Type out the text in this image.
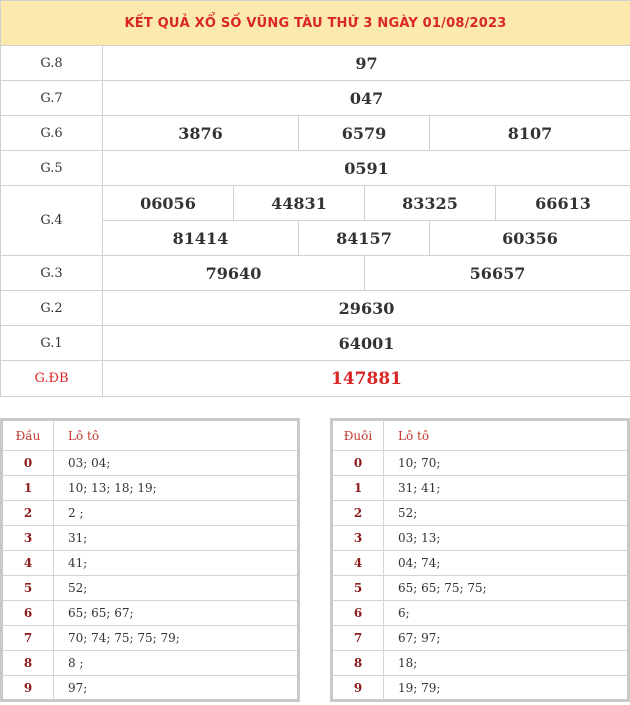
KẾT QUẢ XỔ SỐ VŨNG TÀU THỨ 3 NGÀY 01/08/2023						
G.8	97					
G.7	047					
G.6	3876		6579		8107	
G.5	0591					
G.4	06056	44831		83325		66613
	81414		84157		60356	
G.3	79640			56657		
G.2	29630					
G.1	64001					
G.ĐB	147881					
Đầu	Lô tô
0	03; 04;
1	10; 13; 18; 19;
2	2 ;
3	31;
4	41;
5	52;
6	65; 65; 67;
7	70; 74; 75; 75; 79;
8	8 ;
9	97;
Đuôi	Lô tô
0	10; 70;
1	31; 41;
2	52;
3	03; 13;
4	04; 74;
5	65; 65; 75; 75;
6	6;
7	67; 97;
8	18;
9	19; 79;
